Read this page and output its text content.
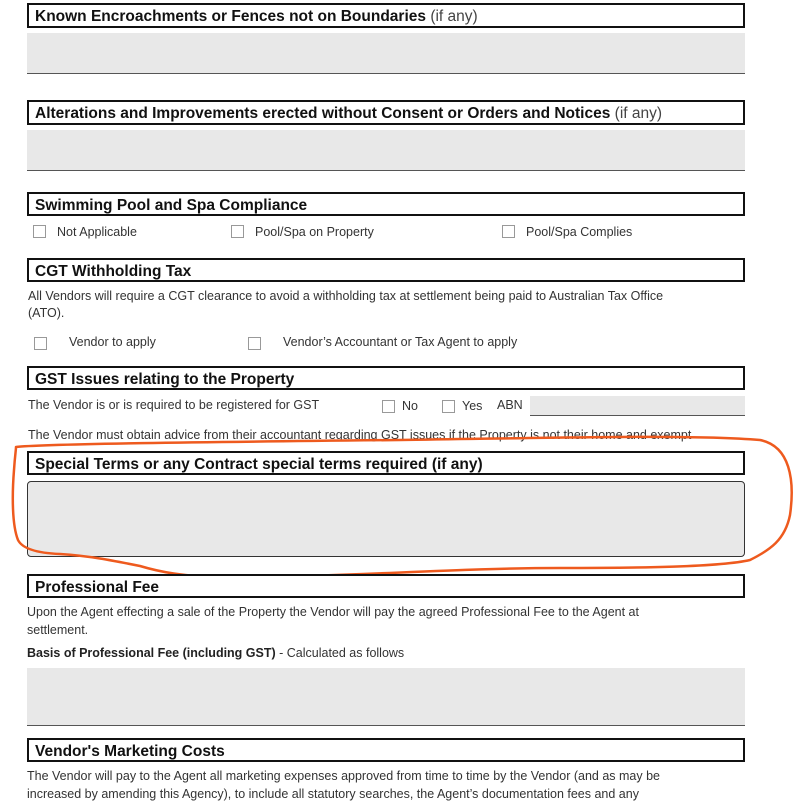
Known Encroachments or Fences not on Boundaries (if any)
Alterations and Improvements erected without Consent or Orders and Notices (if any)
Swimming Pool and Spa Compliance
Not Applicable	Pool/Spa on Property	Pool/Spa Complies
CGT Withholding Tax
All Vendors will require a CGT clearance to avoid a withholding tax at settlement being paid to Australian Tax Office
(ATO).
Vendor to apply	Vendor’s Accountant or Tax Agent to apply
GST Issues relating to the Property
The Vendor is or is required to be registered for GST	No	Yes ABN
The Vendor must obtain advice from their accountant regarding GST issues if the Property is not their home and exempt
Special Terms or any Contract special terms required (if any)
Professional Fee
Upon the Agent effecting a sale of the Property the Vendor will pay the agreed Professional Fee to the Agent at
settlement.
Basis of Professional Fee (including GST) - Calculated as follows
Vendor's Marketing Costs
The Vendor will pay to the Agent all marketing expenses approved from time to time by the Vendor (and as may be
increased by amending this Agency), to include all statutory searches, the Agent’s documentation fees and any
